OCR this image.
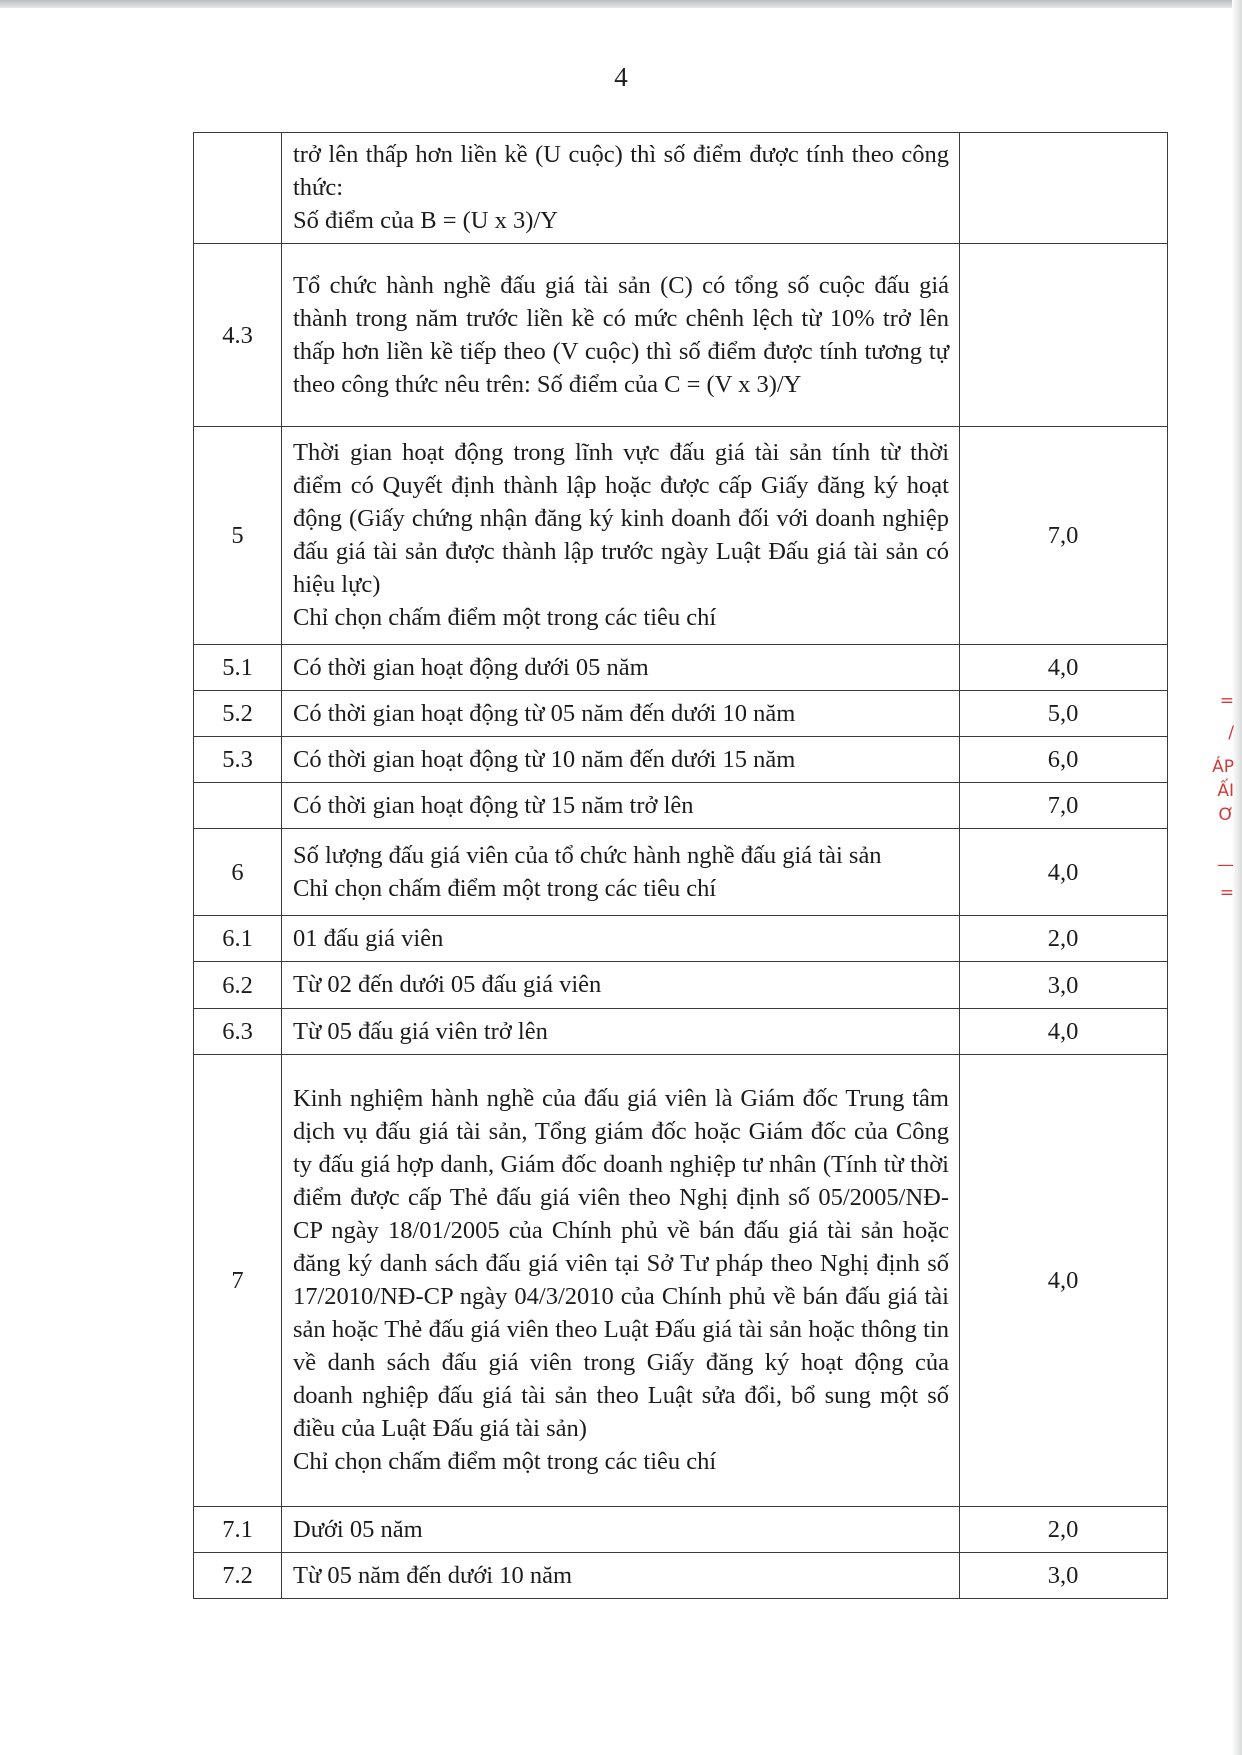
4

	trở lên thấp hơn liền kề (U cuộc) thì số điểm được tính theo công thức:
Số điểm của B = (U x 3)/Y	

4.3	Tổ chức hành nghề đấu giá tài sản (C) có tổng số cuộc đấu giá thành trong năm trước liền kề có mức chênh lệch từ 10% trở lên thấp hơn liền kề tiếp theo (V cuộc) thì số điểm được tính tương tự theo công thức nêu trên: Số điểm của C = (V x 3)/Y	

5	Thời gian hoạt động trong lĩnh vực đấu giá tài sản tính từ thời điểm có Quyết định thành lập hoặc được cấp Giấy đăng ký hoạt động (Giấy chứng nhận đăng ký kinh doanh đối với doanh nghiệp đấu giá tài sản được thành lập trước ngày Luật Đấu giá tài sản có hiệu lực)
Chỉ chọn chấm điểm một trong các tiêu chí	7,0
5.1	Có thời gian hoạt động dưới 05 năm	4,0
5.2	Có thời gian hoạt động từ 05 năm đến dưới 10 năm	5,0
5.3	Có thời gian hoạt động từ 10 năm đến dưới 15 năm	6,0

	Có thời gian hoạt động từ 15 năm trở lên	7,0
6	Số lượng đấu giá viên của tổ chức hành nghề đấu giá tài sản
Chỉ chọn chấm điểm một trong các tiêu chí	4,0
6.1	01 đấu giá viên	2,0
6.2	Từ 02 đến dưới 05 đấu giá viên	3,0
6.3	Từ 05 đấu giá viên trở lên	4,0
7	Kinh nghiệm hành nghề của đấu giá viên là Giám đốc Trung tâm dịch vụ đấu giá tài sản, Tổng giám đốc hoặc Giám đốc của Công ty đấu giá hợp danh, Giám đốc doanh nghiệp tư nhân (Tính từ thời điểm được cấp Thẻ đấu giá viên theo Nghị định số 05/2005/NĐ-CP ngày 18/01/2005 của Chính phủ về bán đấu giá tài sản hoặc đăng ký danh sách đấu giá viên tại Sở Tư pháp theo Nghị định số 17/2010/NĐ-CP ngày 04/3/2010 của Chính phủ về bán đấu giá tài sản hoặc Thẻ đấu giá viên theo Luật Đấu giá tài sản hoặc thông tin về danh sách đấu giá viên trong Giấy đăng ký hoạt động của doanh nghiệp đấu giá tài sản theo Luật sửa đổi, bổ sung một số điều của Luật Đấu giá tài sản)
Chỉ chọn chấm điểm một trong các tiêu chí	4,0
7.1	Dưới 05 năm	2,0
7.2	Từ 05 năm đến dưới 10 năm	3,0
=
/
ÁP
ẤI
Ơ
—
=
